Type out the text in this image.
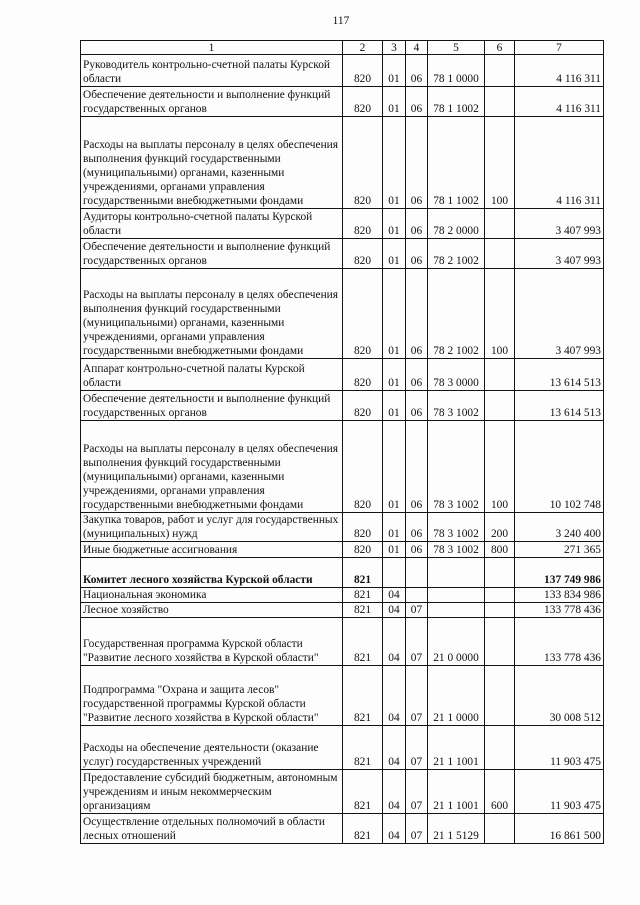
117
1	2	3	4	5	6	7

Руководитель контрольно-счетной палаты Курской
области	820	01	06	78 1 0000		4 116 311

Обеспечение деятельности и выполнение функций
государственных органов	820	01	06	78 1 1002		4 116 311

Расходы на выплаты персоналу в целях обеспечения
выполнения функций государственными
(муниципальными) органами, казенными
учреждениями, органами управления
государственными внебюджетными фондами	820	01	06	78 1 1002	100	4 116 311

Аудиторы контрольно-счетной палаты Курской
области	820	01	06	78 2 0000		3 407 993

Обеспечение деятельности и выполнение функций
государственных органов	820	01	06	78 2 1002		3 407 993

Расходы на выплаты персоналу в целях обеспечения
выполнения функций государственными
(муниципальными) органами, казенными
учреждениями, органами управления
государственными внебюджетными фондами	820	01	06	78 2 1002	100	3 407 993

Аппарат контрольно-счетной палаты Курской
области	820	01	06	78 3 0000		13 614 513

Обеспечение деятельности и выполнение функций
государственных органов	820	01	06	78 3 1002		13 614 513

Расходы на выплаты персоналу в целях обеспечения
выполнения функций государственными
(муниципальными) органами, казенными
учреждениями, органами управления
государственными внебюджетными фондами	820	01	06	78 3 1002	100	10 102 748

Закупка товаров, работ и услуг для государственных
(муниципальных) нужд	820	01	06	78 3 1002	200	3 240 400

Иные бюджетные ассигнования	820	01	06	78 3 1002	800	271 365

Комитет лесного хозяйства Курской области	821					137 749 986

Национальная экономика	821	04				133 834 986

Лесное хозяйство	821	04	07			133 778 436

Государственная программа Курской области
"Развитие лесного хозяйства в Курской области"	821	04	07	21 0 0000		133 778 436

Подпрограмма "Охрана и защита лесов"
государственной программы Курской области
"Развитие лесного хозяйства в Курской области"	821	04	07	21 1 0000		30 008 512

Расходы на обеспечение деятельности (оказание
услуг) государственных учреждений	821	04	07	21 1 1001		11 903 475

Предоставление субсидий бюджетным, автономным
учреждениям и иным некоммерческим
организациям	821	04	07	21 1 1001	600	11 903 475

Осуществление отдельных полномочий в области
лесных отношений	821	04	07	21 1 5129		16 861 500
